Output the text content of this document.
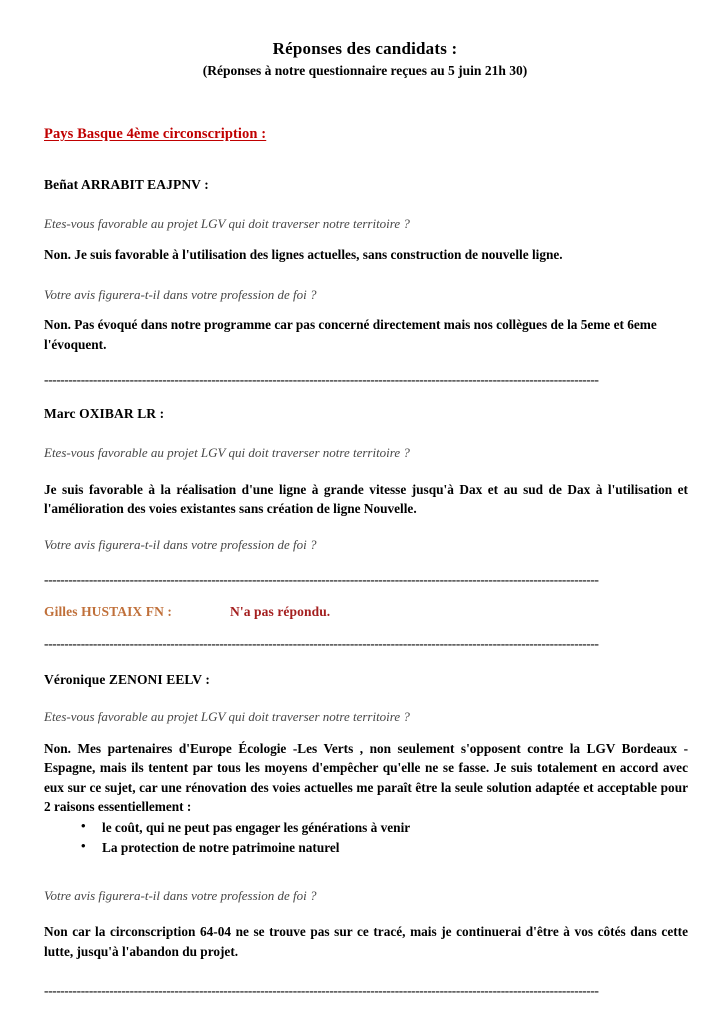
Réponses des candidats :
(Réponses à notre questionnaire reçues au 5 juin 21h 30)
Pays Basque 4ème circonscription :

Beñat ARRABIT EAJPNV :

Etes-vous favorable au projet LGV qui doit traverser notre territoire ?

Non. Je suis favorable à l'utilisation des lignes actuelles, sans construction de nouvelle ligne.

Votre avis figurera-t-il dans votre profession de foi ?

Non. Pas évoqué dans notre programme car pas concerné directement mais nos collègues de la 5eme et 6eme l'évoquent.

----------------------------------------------------------------------------------------------------------------------------------------

Marc OXIBAR LR :

Etes-vous favorable au projet LGV qui doit traverser notre territoire ?

Je suis favorable à la réalisation d'une ligne à grande vitesse jusqu'à Dax et au sud de Dax à l'utilisation et l'amélioration des voies existantes sans création de ligne Nouvelle.

Votre avis figurera-t-il dans votre profession de foi ?

----------------------------------------------------------------------------------------------------------------------------------------

Gilles HUSTAIX FN :	N'a pas répondu.

----------------------------------------------------------------------------------------------------------------------------------------

Véronique ZENONI EELV :

Etes-vous favorable au projet LGV qui doit traverser notre territoire ?

Non. Mes partenaires d'Europe Écologie -Les Verts , non seulement s'opposent contre la LGV Bordeaux - Espagne, mais ils tentent par tous les moyens d'empêcher qu'elle ne se fasse. Je suis totalement en accord avec eux sur ce sujet, car une rénovation des voies actuelles me paraît être la seule solution adaptée et acceptable pour 2 raisons essentiellement :

• le coût, qui ne peut pas engager les générations à venir
• La protection de notre patrimoine naturel

Votre avis figurera-t-il dans votre profession de foi ?

Non car la circonscription 64-04 ne se trouve pas sur ce tracé, mais je continuerai d'être à vos côtés dans cette lutte, jusqu'à l'abandon du projet.

----------------------------------------------------------------------------------------------------------------------------------------
